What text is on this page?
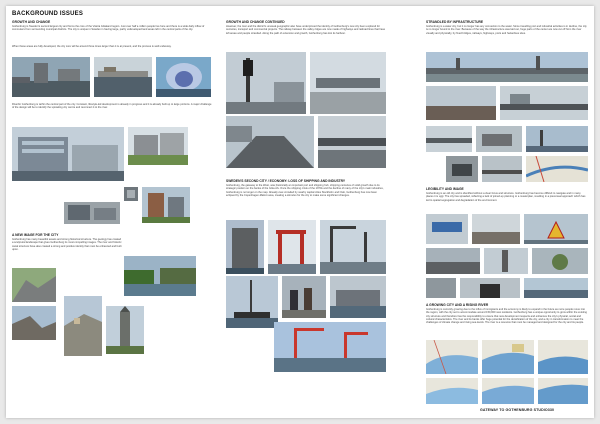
BACKGROUND ISSUES
GROWTH AND CHANGE
Gothenburg is Sweden's second largest city and forms the core of the Västra Götaland region. Just over half a million people live here and there is a wide daily inflow of commuters from surrounding municipal districts. The city is unique in Sweden in having large, partly undeveloped land areas left in the central parts of the city.
When these areas are fully developed, the city core will be around three times larger than it is at present, and the process is well underway.
Riverfor Gothenburg is within the central part of the city. Constant, lifestyle-led development is already in progress and it is already built up to large portions. A major challenge of the design will be to identify the sprawling city centre and reconnect it to the river.
A NEW IMAGE FOR THE CITY
Gothenburg has many beautiful assets and strong historical structure. The geology has created a sculptural landscape that gives Gothenburg its most compelling images. The river and historic canal structure have also created a strong and positive identity that must be enhanced and built upon.
GROWTH AND CHANGE CONTINUED
However, the river and the district's unusual geographic also have underpinned the identity of Gothenburg's new city been explored for centuries, transport and commercial projects. The railway between the valley ridges are now made of highways and railroad lines that have left areas and people stranded. Along the path of extension and growth, Gothenburg has lost its harbour.
SWEDEN'S SECOND CITY / ECONOMY: LOSS OF SHIPPING AND INDUSTRY
Gothenburg, the gateway to the West, was historically an important port and shipping hub, shipping centuries of solid growth due to its strategic position on the banks of the Göta Älv. Once the shipping crisis of the 1970s and the decline of many of the city's main industries, Gothenburg is no longer on the map. Already over-crowded by nearby capital cities Stockholm and Oslo, Gothenburg has now been eclipsed by the Copenhagen-Malmö area, creating a stimulus for the city to make some significant changes.
STRANDLED BY INFRASTRUCTURE
Gothenburg is a water city, but it no longer has any connection to the water. Since travelling port and industrial activities is in decline, the city is no longer bound to the river. Because of the way the infrastructure was laid out, huge parts of the center are now cut off from the river visually and physically, by fixed bridges, railways, highways, ports and hazardous sites.
LEGIBILITY AND IMAGE
Gothenburg is an old city and is identified without a clear focus and structure. Gothenburg has become difficult to navigate and in many places it is ugly. The city has sprawled, reflecting a lack of joined-up planning or a masterplan, resulting in a piecemeal approach which has led to spatial segregation and degradation of the environment.
A GROWING CITY AND A RISING RIVER
Gothenburg is currently growing due to the influx of immigrants and the economy is likely to expand in the future as more people move into the region, with the city set to accommodate around 150,000 new residents. Gothenburg has a unique opportunity to grow within the existing city structure and therefore has the responsibility to ensure that new development respects and enhances the city's physical, social and cultural characteristics. The river and its banks offer huge potential for the densification of the city, and a city in transformation to meet the challenges of climate change and rising sea levels. The river is a resource that must be managed and designed for the city and its people.
GATEWAY TO GOTHENBURG STUDIO330
